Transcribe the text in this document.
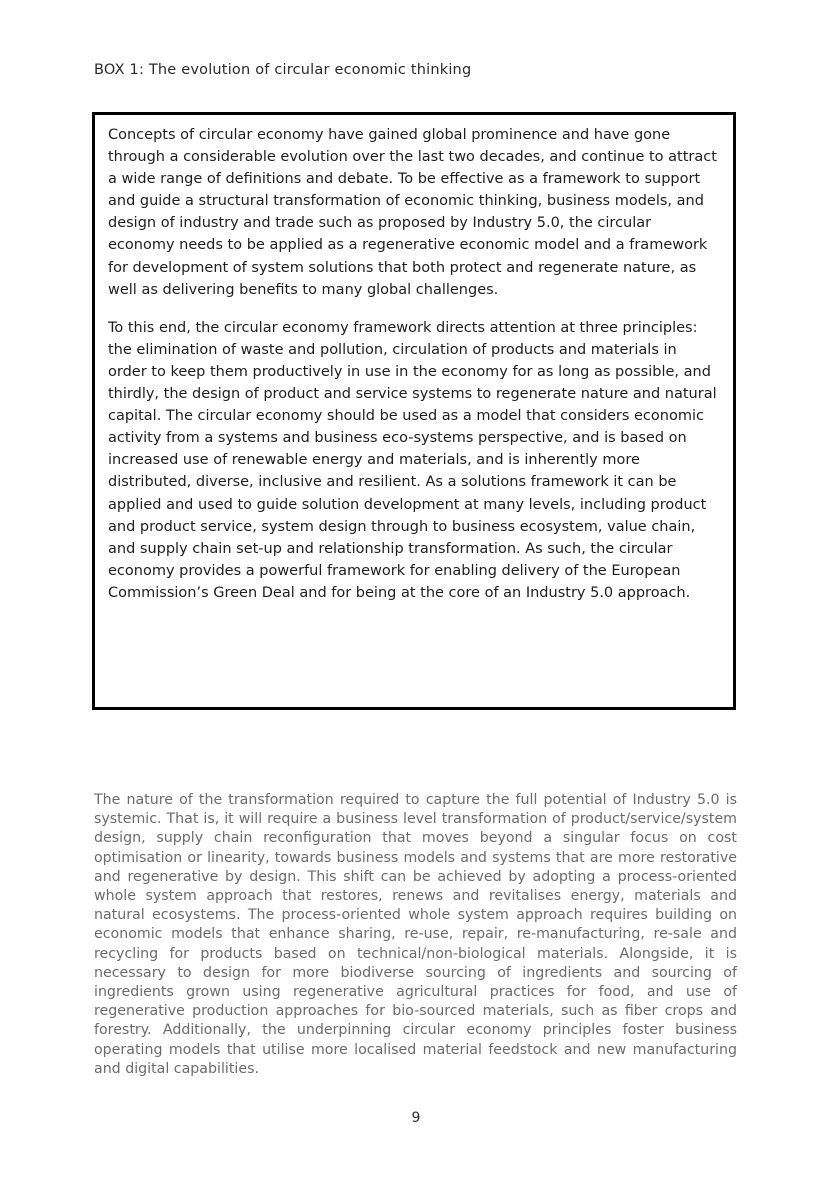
BOX 1: The evolution of circular economic thinking

Concepts of circular economy have gained global prominence and have gone through a considerable evolution over the last two decades, and continue to attract a wide range of definitions and debate. To be effective as a framework to support and guide a structural transformation of economic thinking, business models, and design of industry and trade such as proposed by Industry 5.0, the circular economy needs to be applied as a regenerative economic model and a framework for development of system solutions that both protect and regenerate nature, as well as delivering benefits to many global challenges.

To this end, the circular economy framework directs attention at three principles: the elimination of waste and pollution, circulation of products and materials in order to keep them productively in use in the economy for as long as possible, and thirdly, the design of product and service systems to regenerate nature and natural capital. The circular economy should be used as a model that considers economic activity from a systems and business eco-systems perspective, and is based on increased use of renewable energy and materials, and is inherently more distributed, diverse, inclusive and resilient. As a solutions framework it can be applied and used to guide solution development at many levels, including product and product service, system design through to business ecosystem, value chain, and supply chain set-up and relationship transformation. As such, the circular economy provides a powerful framework for enabling delivery of the European Commission’s Green Deal and for being at the core of an Industry 5.0 approach.

The nature of the transformation required to capture the full potential of Industry 5.0 is systemic. That is, it will require a business level transformation of product/service/system design, supply chain reconfiguration that moves beyond a singular focus on cost optimisation or linearity, towards business models and systems that are more restorative and regenerative by design. This shift can be achieved by adopting a process-oriented whole system approach that restores, renews and revitalises energy, materials and natural ecosystems. The process-oriented whole system approach requires building on economic models that enhance sharing, re-use, repair, re-manufacturing, re-sale and recycling for products based on technical/non-biological materials. Alongside, it is necessary to design for more biodiverse sourcing of ingredients and sourcing of ingredients grown using regenerative agricultural practices for food, and use of regenerative production approaches for bio-sourced materials, such as fiber crops and forestry. Additionally, the underpinning circular economy principles foster business operating models that utilise more localised material feedstock and new manufacturing and digital capabilities.

9
